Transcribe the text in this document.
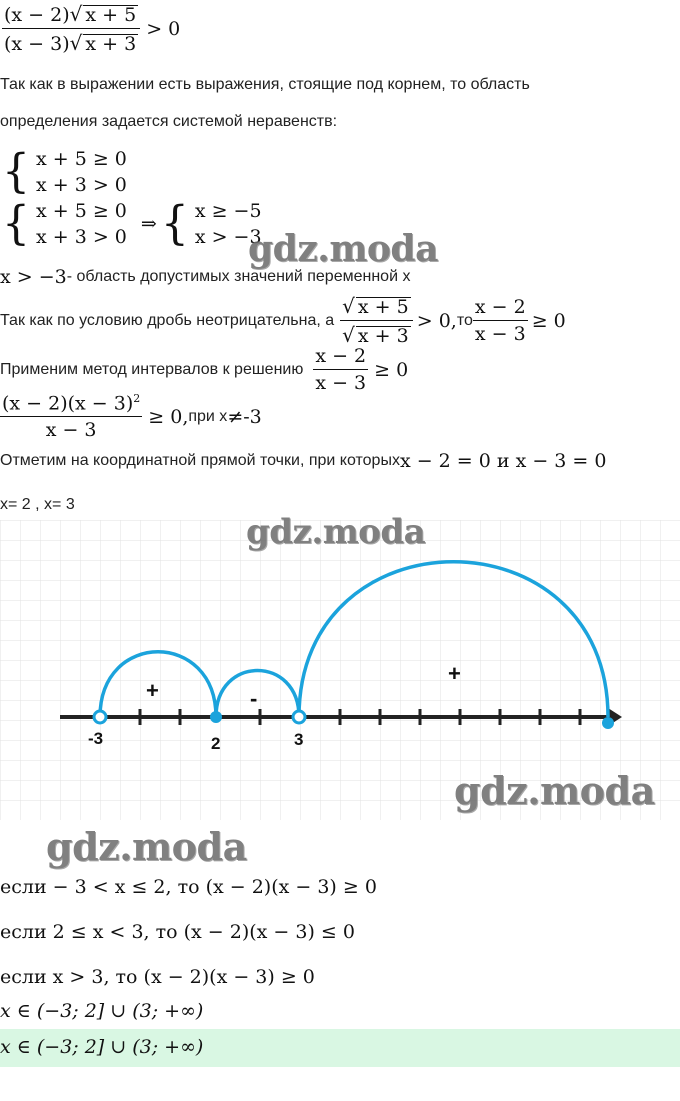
$\frac{(x - 2)√ x + 5}{(x - 3)√ x + 3} > 0$
Так как в выражении есть выражения, стоящие под корнем, то область
определения задается системой неравенств:
{ x + 5 ≥ 0
x + 3 > 0
{ x + 5 ≥ 0
x + 3 > 0
⇒ { x ≥ −5
x > −3
gdz.moda
x > −3 - область допустимых значений переменной x
Так как по условию дробь неотрицательна, а $\frac{√ x + 5}{√ x + 3} > 0$, то $\frac{x - 2}{x - 3} \ge 0$
Применим метод интервалов к решению $\frac{x - 2}{x - 3} \ge 0$
$\frac{(x - 2)(x - 3)^2}{x - 3} \ge 0$, при x ≠ -3
Отметим на координатной прямой точки, при которых x − 2 = 0 и x − 3 = 0
x= 2 , x= 3
-3	2	3
+	-
+
gdz.moda
gdz.moda
gdz.moda
если − 3 < x ≤ 2, то (x − 2)(x − 3) ≥ 0
если 2 ≤ x < 3, то (x − 2)(x − 3) ≤ 0
если x > 3, то (x − 2)(x − 3) ≥ 0
x ∈ (−3; 2] ∪ (3; +∞)
x ∈ (−3; 2] ∪ (3; +∞)
